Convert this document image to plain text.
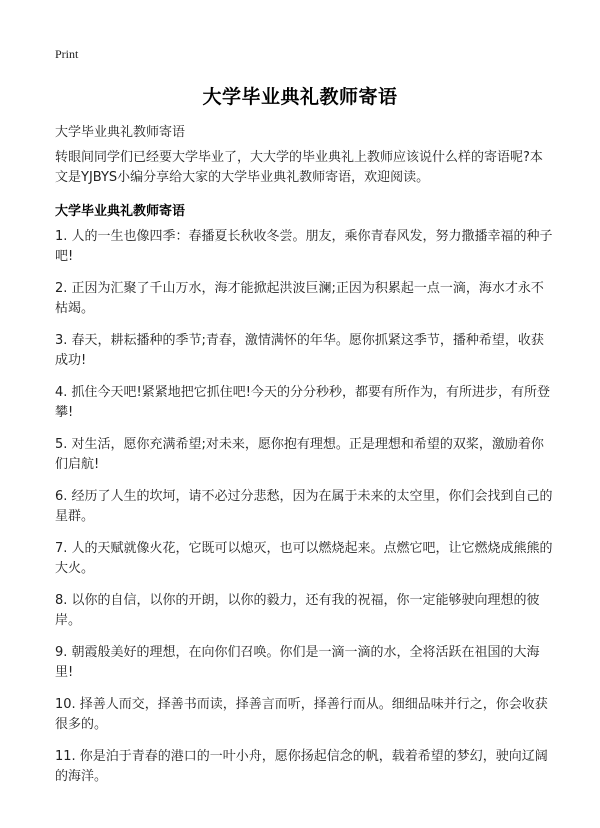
Print
大学毕业典礼教师寄语
大学毕业典礼教师寄语
转眼间同学们已经要大学毕业了，大大学的毕业典礼上教师应该说什么样的寄语呢?本文是YJBYS小编分享给大家的大学毕业典礼教师寄语，欢迎阅读。
大学毕业典礼教师寄语
1. 人的一生也像四季：春播夏长秋收冬尝。朋友，乘你青春风发，努力撒播幸福的种子吧!
2. 正因为汇聚了千山万水，海才能掀起洪波巨澜;正因为积累起一点一滴，海水才永不枯竭。
3. 春天，耕耘播种的季节;青春，激情满怀的年华。愿你抓紧这季节，播种希望，收获成功!
4. 抓住今天吧!紧紧地把它抓住吧!今天的分分秒秒，都要有所作为，有所进步，有所登攀!
5. 对生活，愿你充满希望;对未来，愿你抱有理想。正是理想和希望的双桨，激励着你们启航!
6. 经历了人生的坎坷，请不必过分悲愁，因为在属于未来的太空里，你们会找到自己的星群。
7. 人的天赋就像火花，它既可以熄灭，也可以燃烧起来。点燃它吧，让它燃烧成熊熊的大火。
8. 以你的自信，以你的开朗，以你的毅力，还有我的祝福，你一定能够驶向理想的彼岸。
9. 朝霞般美好的理想，在向你们召唤。你们是一滴一滴的水，全将活跃在祖国的大海里!
10. 择善人而交，择善书而读，择善言而听，择善行而从。细细品味并行之，你会收获很多的。
11. 你是泊于青春的港口的一叶小舟，愿你扬起信念的帆，载着希望的梦幻，驶向辽阔的海洋。
